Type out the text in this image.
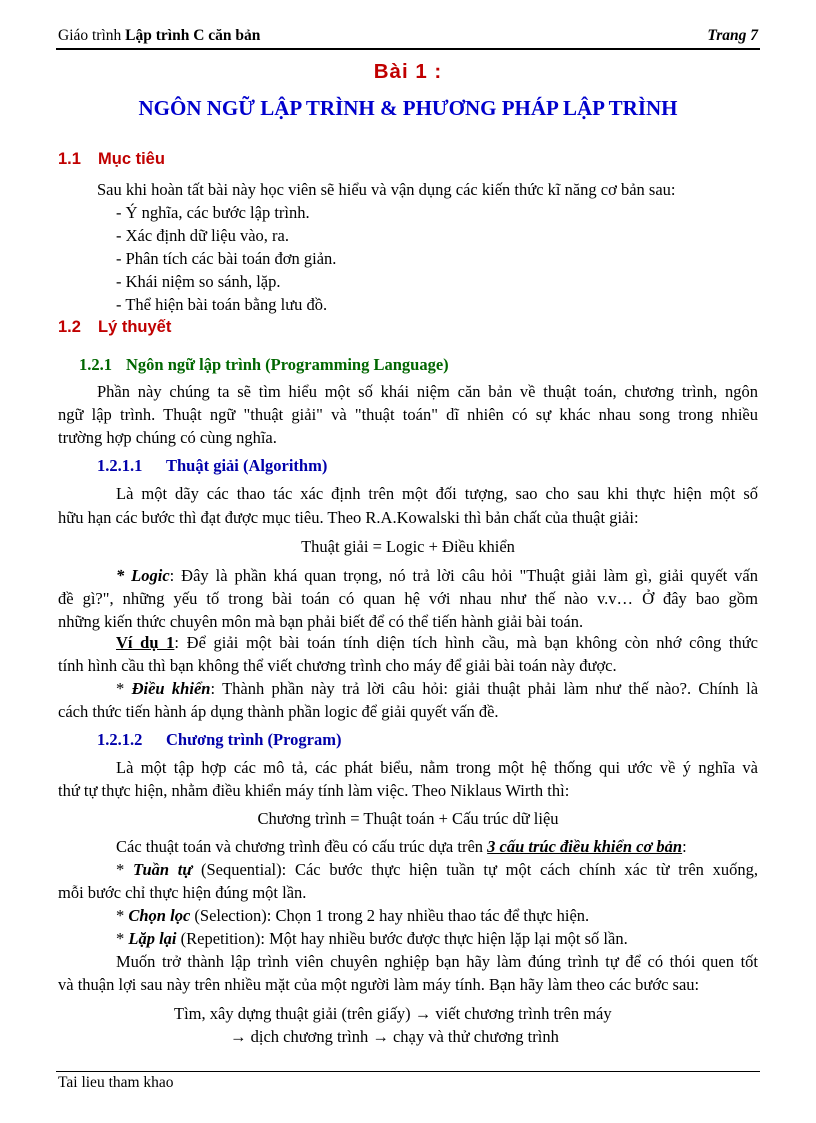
Giáo trình Lập trình C căn bản	Trang 7
Bài 1 :
NGÔN NGỮ LẬP TRÌNH & PHƯƠNG PHÁP LẬP TRÌNH
1.1 Mục tiêu
Sau khi hoàn tất bài này học viên sẽ hiểu và vận dụng các kiến thức kĩ năng cơ bản sau:
- Ý nghĩa, các bước lập trình.
- Xác định dữ liệu vào, ra.
- Phân tích các bài toán đơn giản.
- Khái niệm so sánh, lặp.
- Thể hiện bài toán bằng lưu đồ.
1.2 Lý thuyết
1.2.1 Ngôn ngữ lập trình (Programming Language)
Phần này chúng ta sẽ tìm hiểu một số khái niệm căn bản về thuật toán, chương trình, ngôn
ngữ lập trình. Thuật ngữ "thuật giải" và "thuật toán" dĩ nhiên có sự khác nhau song trong nhiều
trường hợp chúng có cùng nghĩa.
1.2.1.1 Thuật giải (Algorithm)
Là một dãy các thao tác xác định trên một đối tượng, sao cho sau khi thực hiện một số
hữu hạn các bước thì đạt được mục tiêu. Theo R.A.Kowalski thì bản chất của thuật giải:
Thuật giải = Logic + Điều khiển
* Logic: Đây là phần khá quan trọng, nó trả lời câu hỏi "Thuật giải làm gì, giải quyết vấn
đề gì?", những yếu tố trong bài toán có quan hệ với nhau như thế nào v.v… Ở đây bao gồm
những kiến thức chuyên môn mà bạn phải biết để có thể tiến hành giải bài toán.
Ví dụ 1: Để giải một bài toán tính diện tích hình cầu, mà bạn không còn nhớ công thức
tính hình cầu thì bạn không thể viết chương trình cho máy để giải bài toán này được.
* Điều khiển: Thành phần này trả lời câu hỏi: giải thuật phải làm như thế nào?. Chính là
cách thức tiến hành áp dụng thành phần logic để giải quyết vấn đề.
1.2.1.2 Chương trình (Program)
Là một tập hợp các mô tả, các phát biểu, nằm trong một hệ thống qui ước về ý nghĩa và
thứ tự thực hiện, nhằm điều khiển máy tính làm việc. Theo Niklaus Wirth thì:
Chương trình = Thuật toán + Cấu trúc dữ liệu
Các thuật toán và chương trình đều có cấu trúc dựa trên 3 cấu trúc điều khiển cơ bản:
* Tuần tự (Sequential): Các bước thực hiện tuần tự một cách chính xác từ trên xuống,
mỗi bước chỉ thực hiện đúng một lần.
* Chọn lọc (Selection): Chọn 1 trong 2 hay nhiều thao tác để thực hiện.
* Lặp lại (Repetition): Một hay nhiều bước được thực hiện lặp lại một số lần.
Muốn trở thành lập trình viên chuyên nghiệp bạn hãy làm đúng trình tự để có thói quen tốt
và thuận lợi sau này trên nhiều mặt của một người làm máy tính. Bạn hãy làm theo các bước sau:
Tìm, xây dựng thuật giải (trên giấy) → viết chương trình trên máy
→ dịch chương trình → chạy và thử chương trình
Tai lieu tham khao
